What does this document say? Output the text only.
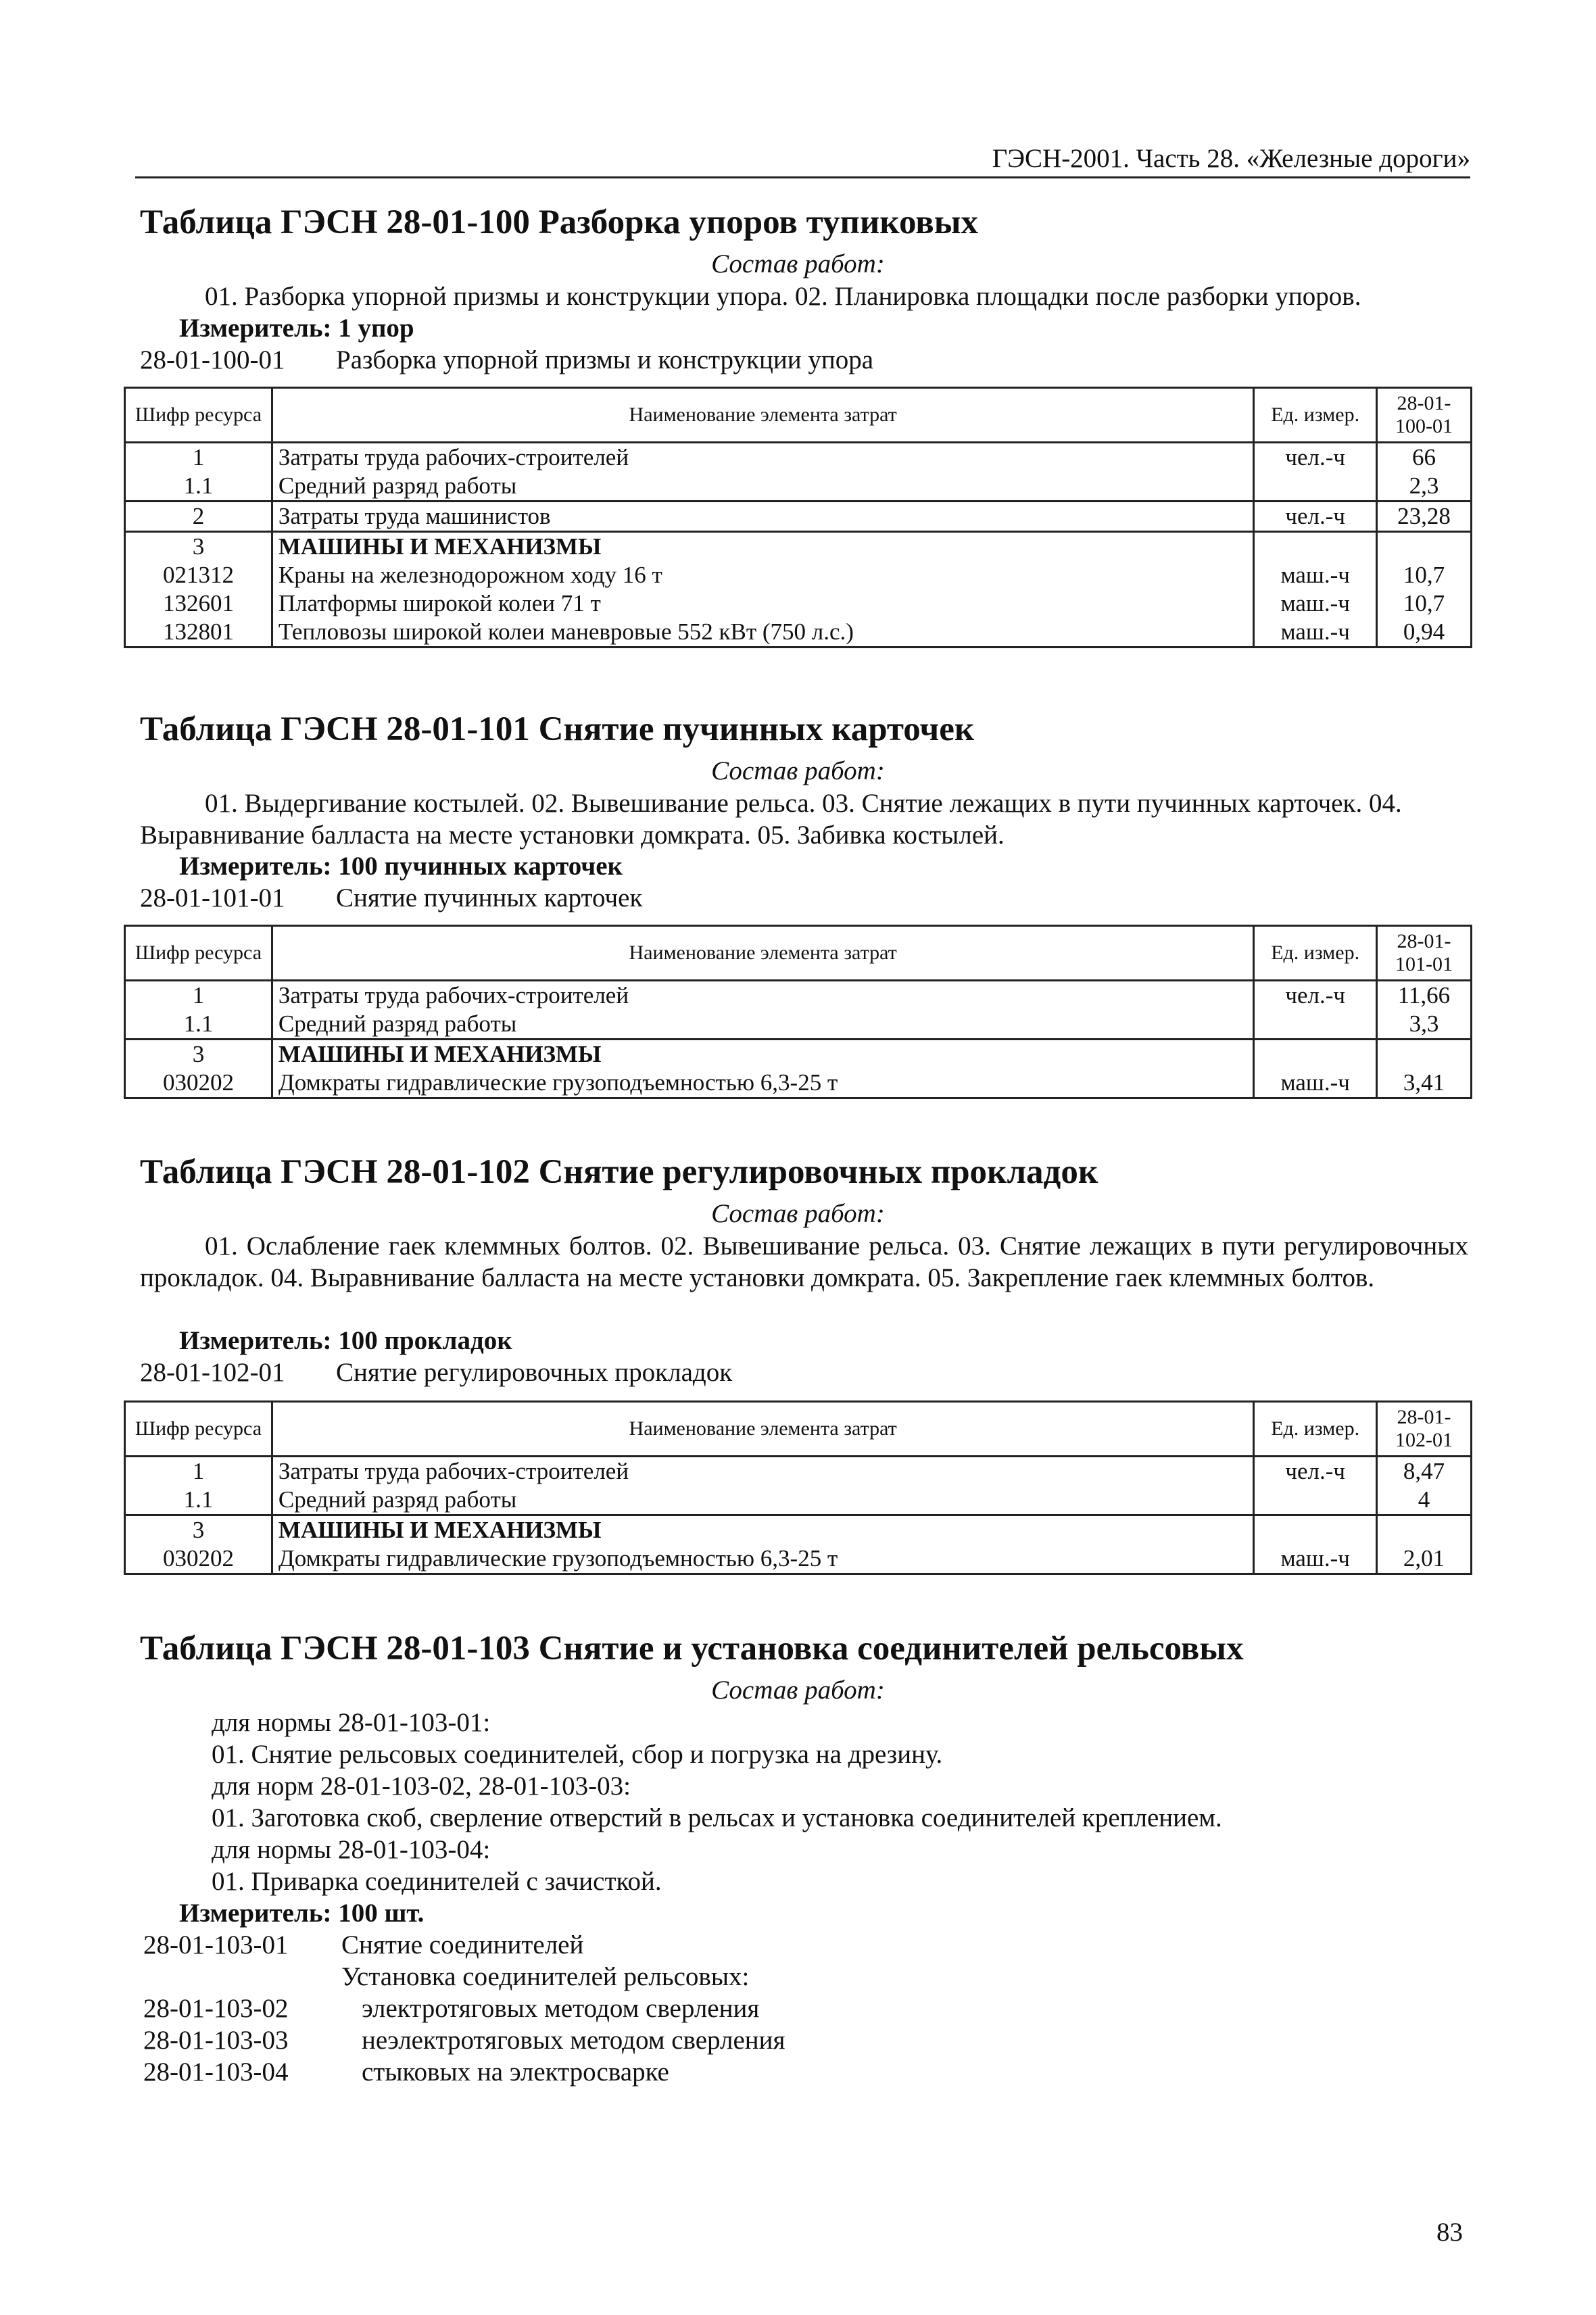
ГЭСН-2001. Часть 28. «Железные дороги»
Таблица ГЭСН 28-01-100 Разборка упоров тупиковых
Состав работ:
01. Разборка упорной призмы и конструкции упора. 02. Планировка площадки после разборки упоров.
Измеритель: 1 упор
28-01-100-01 Разборка упорной призмы и конструкции упора
Шифр ресурса	Наименование элемента затрат	Ед. измер.	28-01-100-01
1	Затраты труда рабочих-строителей	чел.-ч	66
1.1	Средний разряд работы		2,3
2	Затраты труда машинистов	чел.-ч	23,28
3	МАШИНЫ И МЕХАНИЗМЫ		
021312	Краны на железнодорожном ходу 16 т	маш.-ч	10,7
132601	Платформы широкой колеи 71 т	маш.-ч	10,7
132801	Тепловозы широкой колеи маневровые 552 кВт (750 л.с.)	маш.-ч	0,94
Таблица ГЭСН 28-01-101 Снятие пучинных карточек
Состав работ:
01. Выдергивание костылей. 02. Вывешивание рельса. 03. Снятие лежащих в пути пучинных карточек. 04.
Выравнивание балласта на месте установки домкрата. 05. Забивка костылей.
Измеритель: 100 пучинных карточек
28-01-101-01 Снятие пучинных карточек
Шифр ресурса	Наименование элемента затрат	Ед. измер.	28-01-101-01
1	Затраты труда рабочих-строителей	чел.-ч	11,66
1.1	Средний разряд работы		3,3
3	МАШИНЫ И МЕХАНИЗМЫ		
030202	Домкраты гидравлические грузоподъемностью 6,3-25 т	маш.-ч	3,41
Таблица ГЭСН 28-01-102 Снятие регулировочных прокладок
Состав работ:
01. Ослабление гаек клеммных болтов. 02. Вывешивание рельса. 03. Снятие лежащих в пути регулировочных прокладок. 04. Выравнивание балласта на месте установки домкрата. 05. Закрепление гаек клеммных болтов.
Измеритель: 100 прокладок
28-01-102-01 Снятие регулировочных прокладок
Шифр ресурса	Наименование элемента затрат	Ед. измер.	28-01-102-01
1	Затраты труда рабочих-строителей	чел.-ч	8,47
1.1	Средний разряд работы		4
3	МАШИНЫ И МЕХАНИЗМЫ		
030202	Домкраты гидравлические грузоподъемностью 6,3-25 т	маш.-ч	2,01
Таблица ГЭСН 28-01-103 Снятие и установка соединителей рельсовых
Состав работ:
для нормы 28-01-103-01:
01. Снятие рельсовых соединителей, сбор и погрузка на дрезину.
для норм 28-01-103-02, 28-01-103-03:
01. Заготовка скоб, сверление отверстий в рельсах и установка соединителей креплением.
для нормы 28-01-103-04:
01. Приварка соединителей с зачисткой.
Измеритель: 100 шт.
28-01-103-01 Снятие соединителей
Установка соединителей рельсовых:
28-01-103-02	электротяговых методом сверления
28-01-103-03	неэлектротяговых методом сверления
28-01-103-04	стыковых на электросварке
83
